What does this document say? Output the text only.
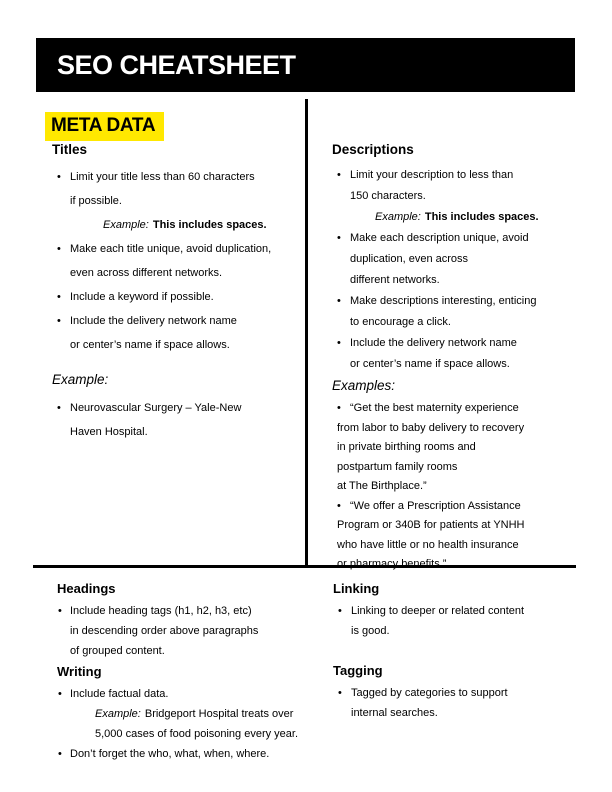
SEO CHEATSHEET
META DATA
Titles
• Limit your title less than 60 characters
if possible.
Example: This includes spaces.
• Make each title unique, avoid duplication,
even across different networks.
• Include a keyword if possible.
• Include the delivery network name
or center’s name if space allows.
Example:
• Neurovascular Surgery – Yale-New
Haven Hospital.
Descriptions
• Limit your description to less than
150 characters.
Example: This includes spaces.
• Make each description unique, avoid
duplication, even across
different networks.
• Make descriptions interesting, enticing
to encourage a click.
• Include the delivery network name
or center’s name if space allows.
Examples:
• “Get the best maternity experience
from labor to baby delivery to recovery
in private birthing rooms and
postpartum family rooms
at The Birthplace.”
• “We offer a Prescription Assistance
Program or 340B for patients at YNHH
who have little or no health insurance
or pharmacy benefits.”
Headings
• Include heading tags (h1, h2, h3, etc)
in descending order above paragraphs
of grouped content.
Writing
• Include factual data.
Example: Bridgeport Hospital treats over
5,000 cases of food poisoning every year.
• Don’t forget the who, what, when, where.
Linking
• Linking to deeper or related content
is good.
Tagging
• Tagged by categories to support
internal searches.
